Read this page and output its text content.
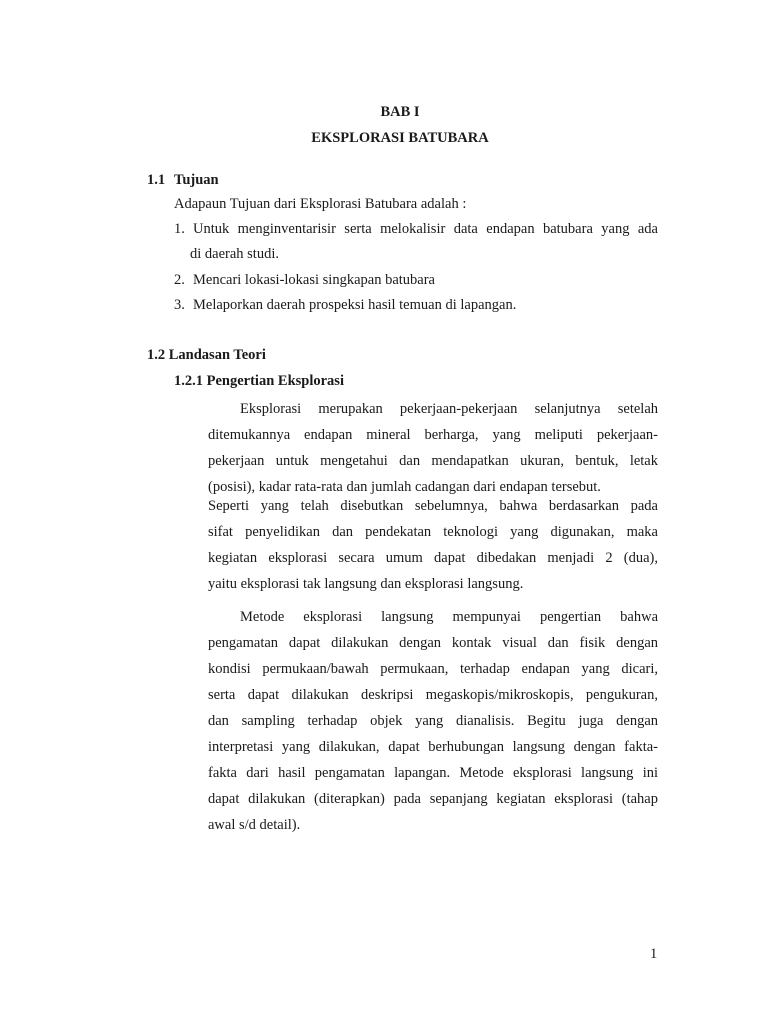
BAB I
EKSPLORASI BATUBARA
1.1 Tujuan
Adapaun Tujuan dari Eksplorasi Batubara adalah :
1. Untuk menginventarisir serta melokalisir data endapan batubara yang ada
di daerah studi.
2. Mencari lokasi-lokasi singkapan batubara
3. Melaporkan daerah prospeksi hasil temuan di lapangan.
1.2 Landasan Teori
1.2.1 Pengertian Eksplorasi
Eksplorasi merupakan pekerjaan-pekerjaan selanjutnya setelah
ditemukannya endapan mineral berharga, yang meliputi pekerjaan-
pekerjaan untuk mengetahui dan mendapatkan ukuran, bentuk, letak
(posisi), kadar rata-rata dan jumlah cadangan dari endapan tersebut.
Seperti yang telah disebutkan sebelumnya, bahwa berdasarkan pada
sifat penyelidikan dan pendekatan teknologi yang digunakan, maka
kegiatan eksplorasi secara umum dapat dibedakan menjadi 2 (dua),
yaitu eksplorasi tak langsung dan eksplorasi langsung.
Metode eksplorasi langsung mempunyai pengertian bahwa
pengamatan dapat dilakukan dengan kontak visual dan fisik dengan
kondisi permukaan/bawah permukaan, terhadap endapan yang dicari,
serta dapat dilakukan deskripsi megaskopis/mikroskopis, pengukuran,
dan sampling terhadap objek yang dianalisis. Begitu juga dengan
interpretasi yang dilakukan, dapat berhubungan langsung dengan fakta-
fakta dari hasil pengamatan lapangan. Metode eksplorasi langsung ini
dapat dilakukan (diterapkan) pada sepanjang kegiatan eksplorasi (tahap
awal s/d detail).
1
